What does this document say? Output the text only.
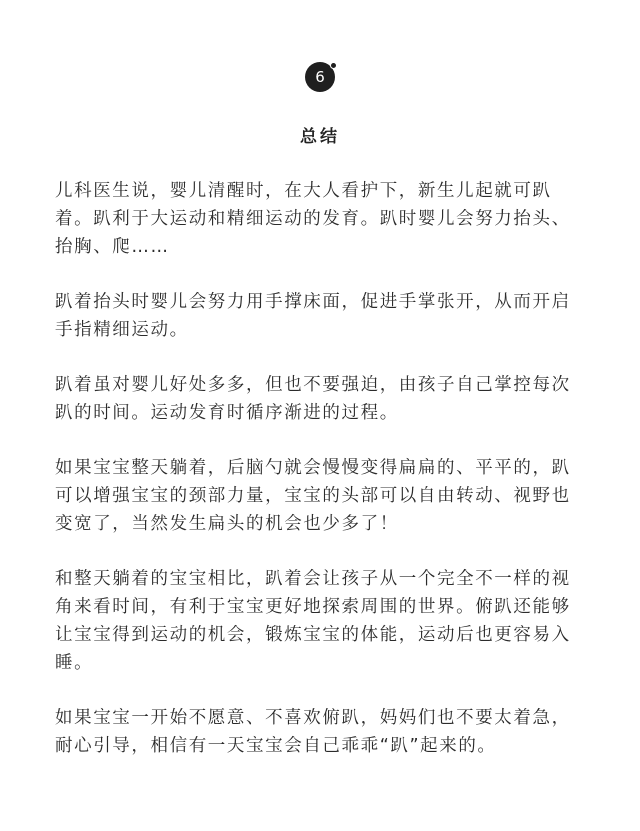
6
总结

儿科医生说，婴儿清醒时，在大人看护下，新生儿起就可趴着。趴利于大运动和精细运动的发育。趴时婴儿会努力抬头、抬胸、爬……

趴着抬头时婴儿会努力用手撑床面，促进手掌张开，从而开启手指精细运动。

趴着虽对婴儿好处多多，但也不要强迫，由孩子自己掌控每次趴的时间。运动发育时循序渐进的过程。

如果宝宝整天躺着，后脑勺就会慢慢变得扁扁的、平平的，趴可以增强宝宝的颈部力量，宝宝的头部可以自由转动、视野也变宽了，当然发生扁头的机会也少多了！

和整天躺着的宝宝相比，趴着会让孩子从一个完全不一样的视角来看时间，有利于宝宝更好地探索周围的世界。俯趴还能够让宝宝得到运动的机会，锻炼宝宝的体能，运动后也更容易入睡。

如果宝宝一开始不愿意、不喜欢俯趴，妈妈们也不要太着急，耐心引导，相信有一天宝宝会自己乖乖“趴”起来的。
